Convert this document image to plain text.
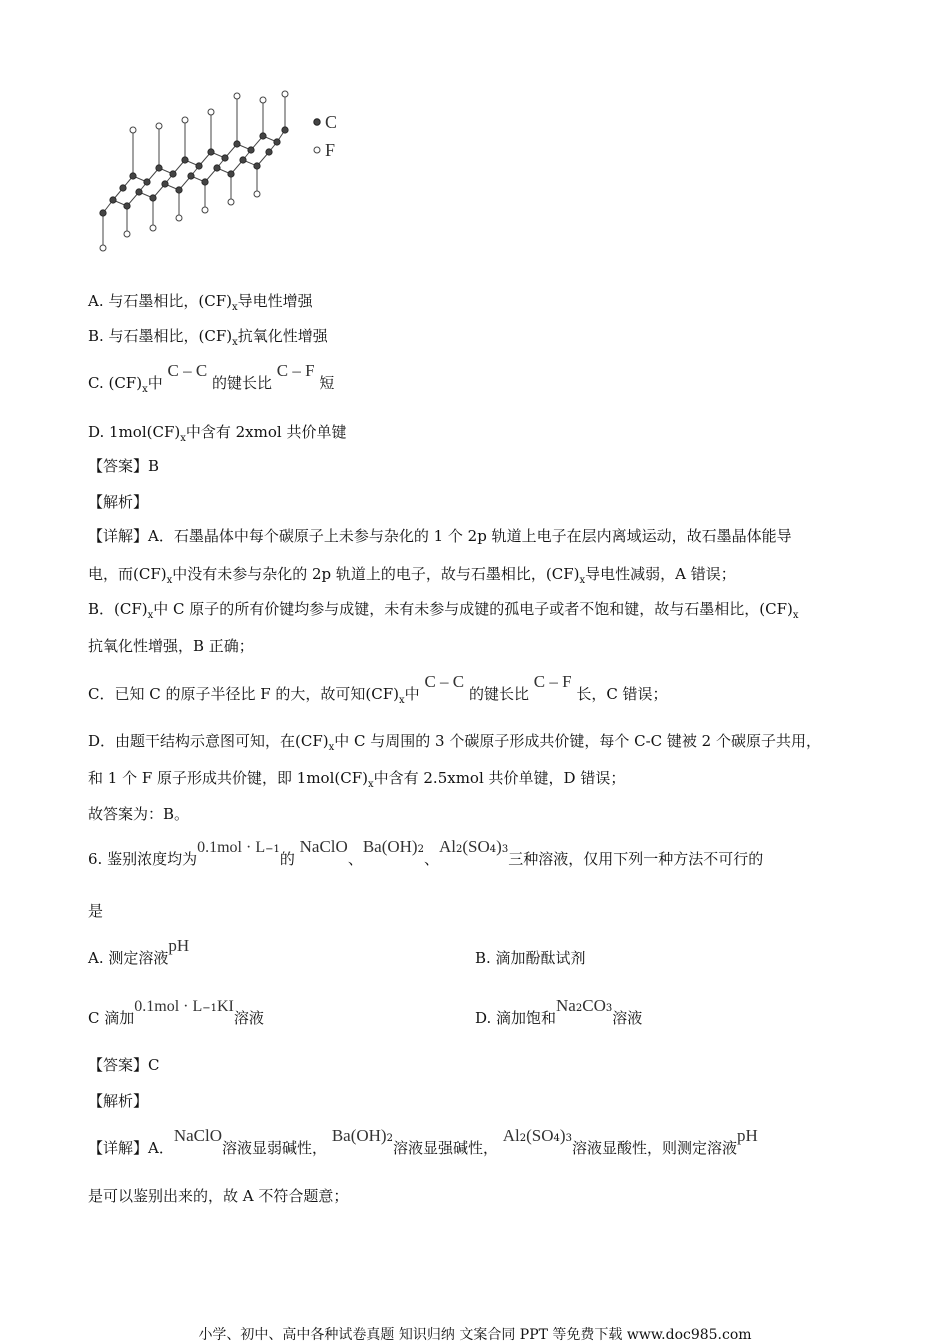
C
F
A. 与石墨相比，$(CF)_x$导电性增强
B. 与石墨相比，$(CF)_x$抗氧化性增强
C. $(CF)_x$中 C – C 的键长比 C – F 短
D. $1mol(CF)_x$中含有 2xmol 共价单键
【答案】B
【解析】
【详解】A．石墨晶体中每个碳原子上未参与杂化的 1 个 2p 轨道上电子在层内离域运动，故石墨晶体能导
电，而$(CF)_x$中没有未参与杂化的 2p 轨道上的电子，故与石墨相比，$(CF)_x$导电性减弱，A 错误；
B．$(CF)_x$中 C 原子的所有价键均参与成键，未有未参与成键的孤电子或者不饱和键，故与石墨相比，$(CF)_x$
抗氧化性增强，B 正确；
C．已知 C 的原子半径比 F 的大，故可知$(CF)_x$中 C – C 的键长比 C – F 长，C 错误；
D．由题干结构示意图可知，在$(CF)_x$中 C 与周围的 3 个碳原子形成共价键，每个 C-C 键被 2 个碳原子共用，
和 1 个 F 原子形成共价键，即 $1mol(CF)_x$中含有 2.5xmol 共价单键，D 错误；
故答案为：B。
6. 鉴别浓度均为$0.1mol \cdot L^{-1}$的 NaClO、Ba(OH)$^2$、$Al^2(SO^4)^3$三种溶液，仅用下列一种方法不可行的
是
A. 测定溶液pH
B. 滴加酚酞试剂
C 滴加$0.1mol \cdot L^{-1}KI$溶液	D. 滴加饱和$Na^2CO^3$溶液
【答案】C
【解析】
【详解】A．NaClO溶液显弱碱性， Ba(OH)$^2$溶液显强碱性， $Al^2(SO^4)^3$溶液显酸性，则测定溶液pH
是可以鉴别出来的，故 A 不符合题意；
小学、初中、高中各种试卷真题 知识归纳 文案合同 PPT 等免费下载 www.doc985.com
